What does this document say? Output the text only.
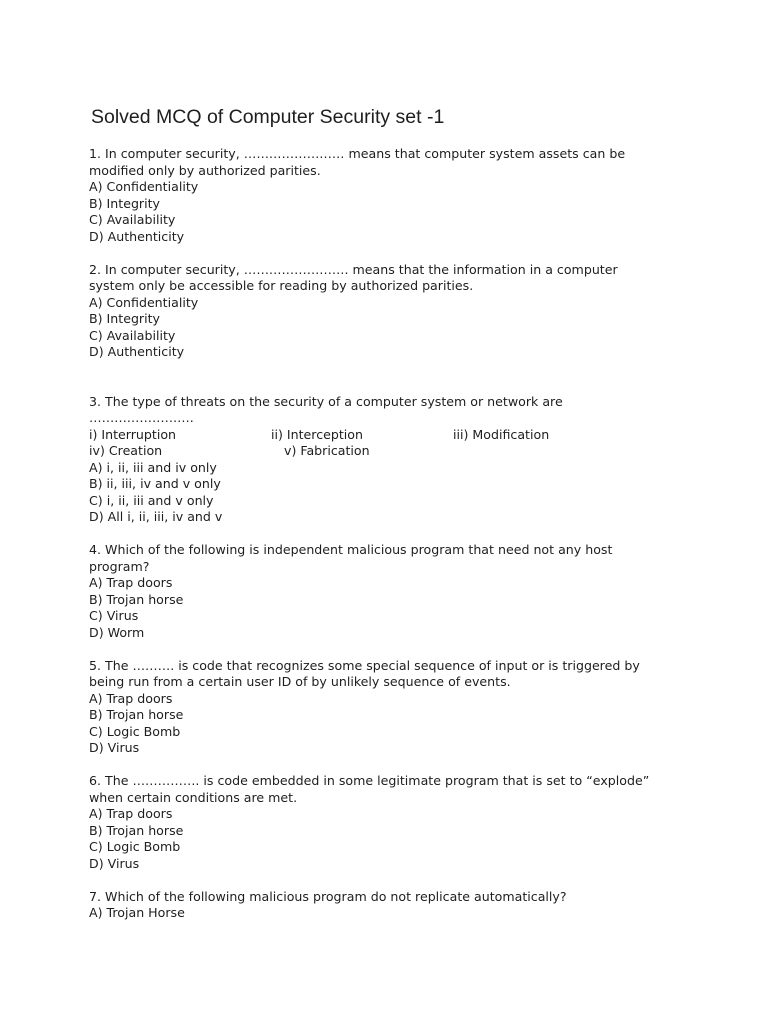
Solved MCQ of Computer Security set -1
1. In computer security, …………………… means that computer system assets can be
modified only by authorized parities.
A) Confidentiality
B) Integrity
C) Availability
D) Authenticity
2. In computer security, ……………………. means that the information in a computer
system only be accessible for reading by authorized parities.
A) Confidentiality
B) Integrity
C) Availability
D) Authenticity
3. The type of threats on the security of a computer system or network are
…………………….
i) Interruption	ii) Interception	iii) Modification
iv) Creation	v) Fabrication
A) i, ii, iii and iv only
B) ii, iii, iv and v only
C) i, ii, iii and v only
D) All i, ii, iii, iv and v
4. Which of the following is independent malicious program that need not any host
program?
A) Trap doors
B) Trojan horse
C) Virus
D) Worm
5. The ………. is code that recognizes some special sequence of input or is triggered by
being run from a certain user ID of by unlikely sequence of events.
A) Trap doors
B) Trojan horse
C) Logic Bomb
D) Virus
6. The ……………. is code embedded in some legitimate program that is set to “explode”
when certain conditions are met.
A) Trap doors
B) Trojan horse
C) Logic Bomb
D) Virus
7. Which of the following malicious program do not replicate automatically?
A) Trojan Horse
